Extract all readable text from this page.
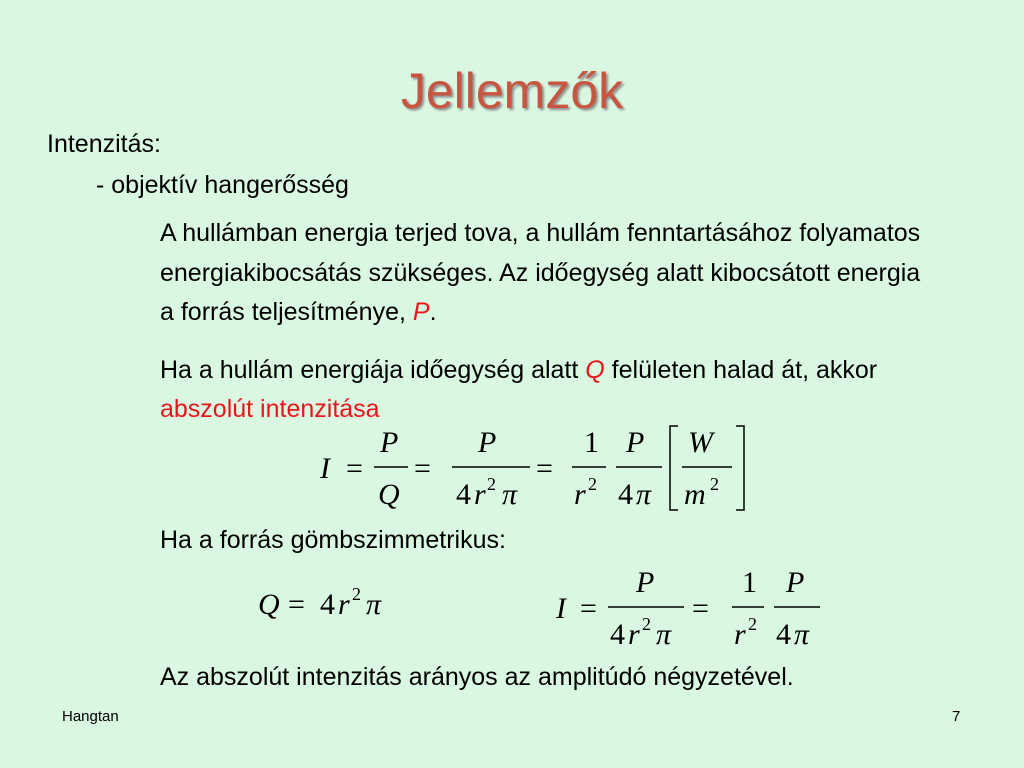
Jellemzők
Intenzitás:
- objektív hangerősség
A hullámban energia terjed tova, a hullám fenntartásához folyamatos
energiakibocsátás szükséges. Az időegység alatt kibocsátott energia
a forrás teljesítménye, P.
Ha a hullám energiája időegység alatt Q felületen halad át, akkor
abszolút intenzitása
I =
P
Q
=
P
4 r 2 π
=
1
r 2
P
4 π
W
m 2
Ha a forrás gömbszimmetrikus:
Q = 4 r 2 π	I =
P
4 r 2 π
=
1
r 2
P
4 π
Az abszolút intenzitás arányos az amplitúdó négyzetével.
Hangtan	7
